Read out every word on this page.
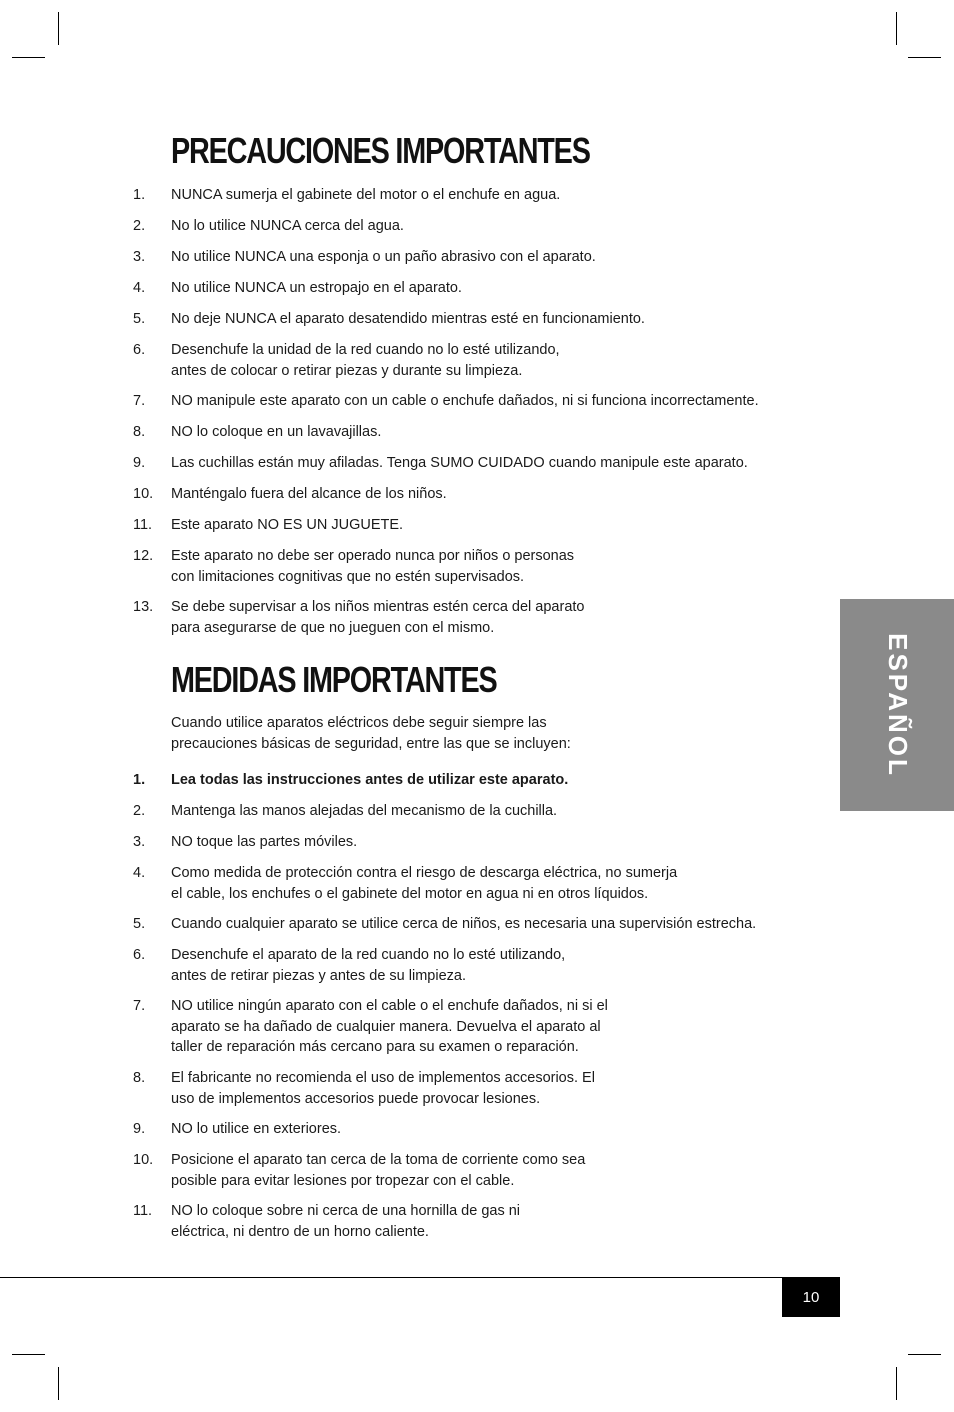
PRECAUCIONES IMPORTANTES
1.	NUNCA sumerja el gabinete del motor o el enchufe en agua.
2.	No lo utilice NUNCA cerca del agua.
3.	No utilice NUNCA una esponja o un paño abrasivo con el aparato.
4.	No utilice NUNCA un estropajo en el aparato.
5.	No deje NUNCA el aparato desatendido mientras esté en funcionamiento.
6.	Desenchufe la unidad de la red cuando no lo esté utilizando,
antes de colocar o retirar piezas y durante su limpieza.
7.	NO manipule este aparato con un cable o enchufe dañados, ni si funciona incorrectamente.
8.	NO lo coloque en un lavavajillas.
9.	Las cuchillas están muy afiladas. Tenga SUMO CUIDADO cuando manipule este aparato.
10.	Manténgalo fuera del alcance de los niños.
11.	Este aparato NO ES UN JUGUETE.
12.	Este aparato no debe ser operado nunca por niños o personas
con limitaciones cognitivas que no estén supervisados.
13.	Se debe supervisar a los niños mientras estén cerca del aparato
para asegurarse de que no jueguen con el mismo.
MEDIDAS IMPORTANTES

Cuando utilice aparatos eléctricos debe seguir siempre las

precauciones básicas de seguridad, entre las que se incluyen:

1.	Lea todas las instrucciones antes de utilizar este aparato.
2.	Mantenga las manos alejadas del mecanismo de la cuchilla.
3.	NO toque las partes móviles.
4.	Como medida de protección contra el riesgo de descarga eléctrica, no sumerja
el cable, los enchufes o el gabinete del motor en agua ni en otros líquidos.
5.	Cuando cualquier aparato se utilice cerca de niños, es necesaria una supervisión estrecha.
6.	Desenchufe el aparato de la red cuando no lo esté utilizando,
antes de retirar piezas y antes de su limpieza.
7.	NO utilice ningún aparato con el cable o el enchufe dañados, ni si el
aparato se ha dañado de cualquier manera. Devuelva el aparato al
taller de reparación más cercano para su examen o reparación.
8.	El fabricante no recomienda el uso de implementos accesorios. El
uso de implementos accesorios puede provocar lesiones.
9.	NO lo utilice en exteriores.
10.	Posicione el aparato tan cerca de la toma de corriente como sea
posible para evitar lesiones por tropezar con el cable.
11.	NO lo coloque sobre ni cerca de una hornilla de gas ni
eléctrica, ni dentro de un horno caliente.
ESPAÑOL
10
